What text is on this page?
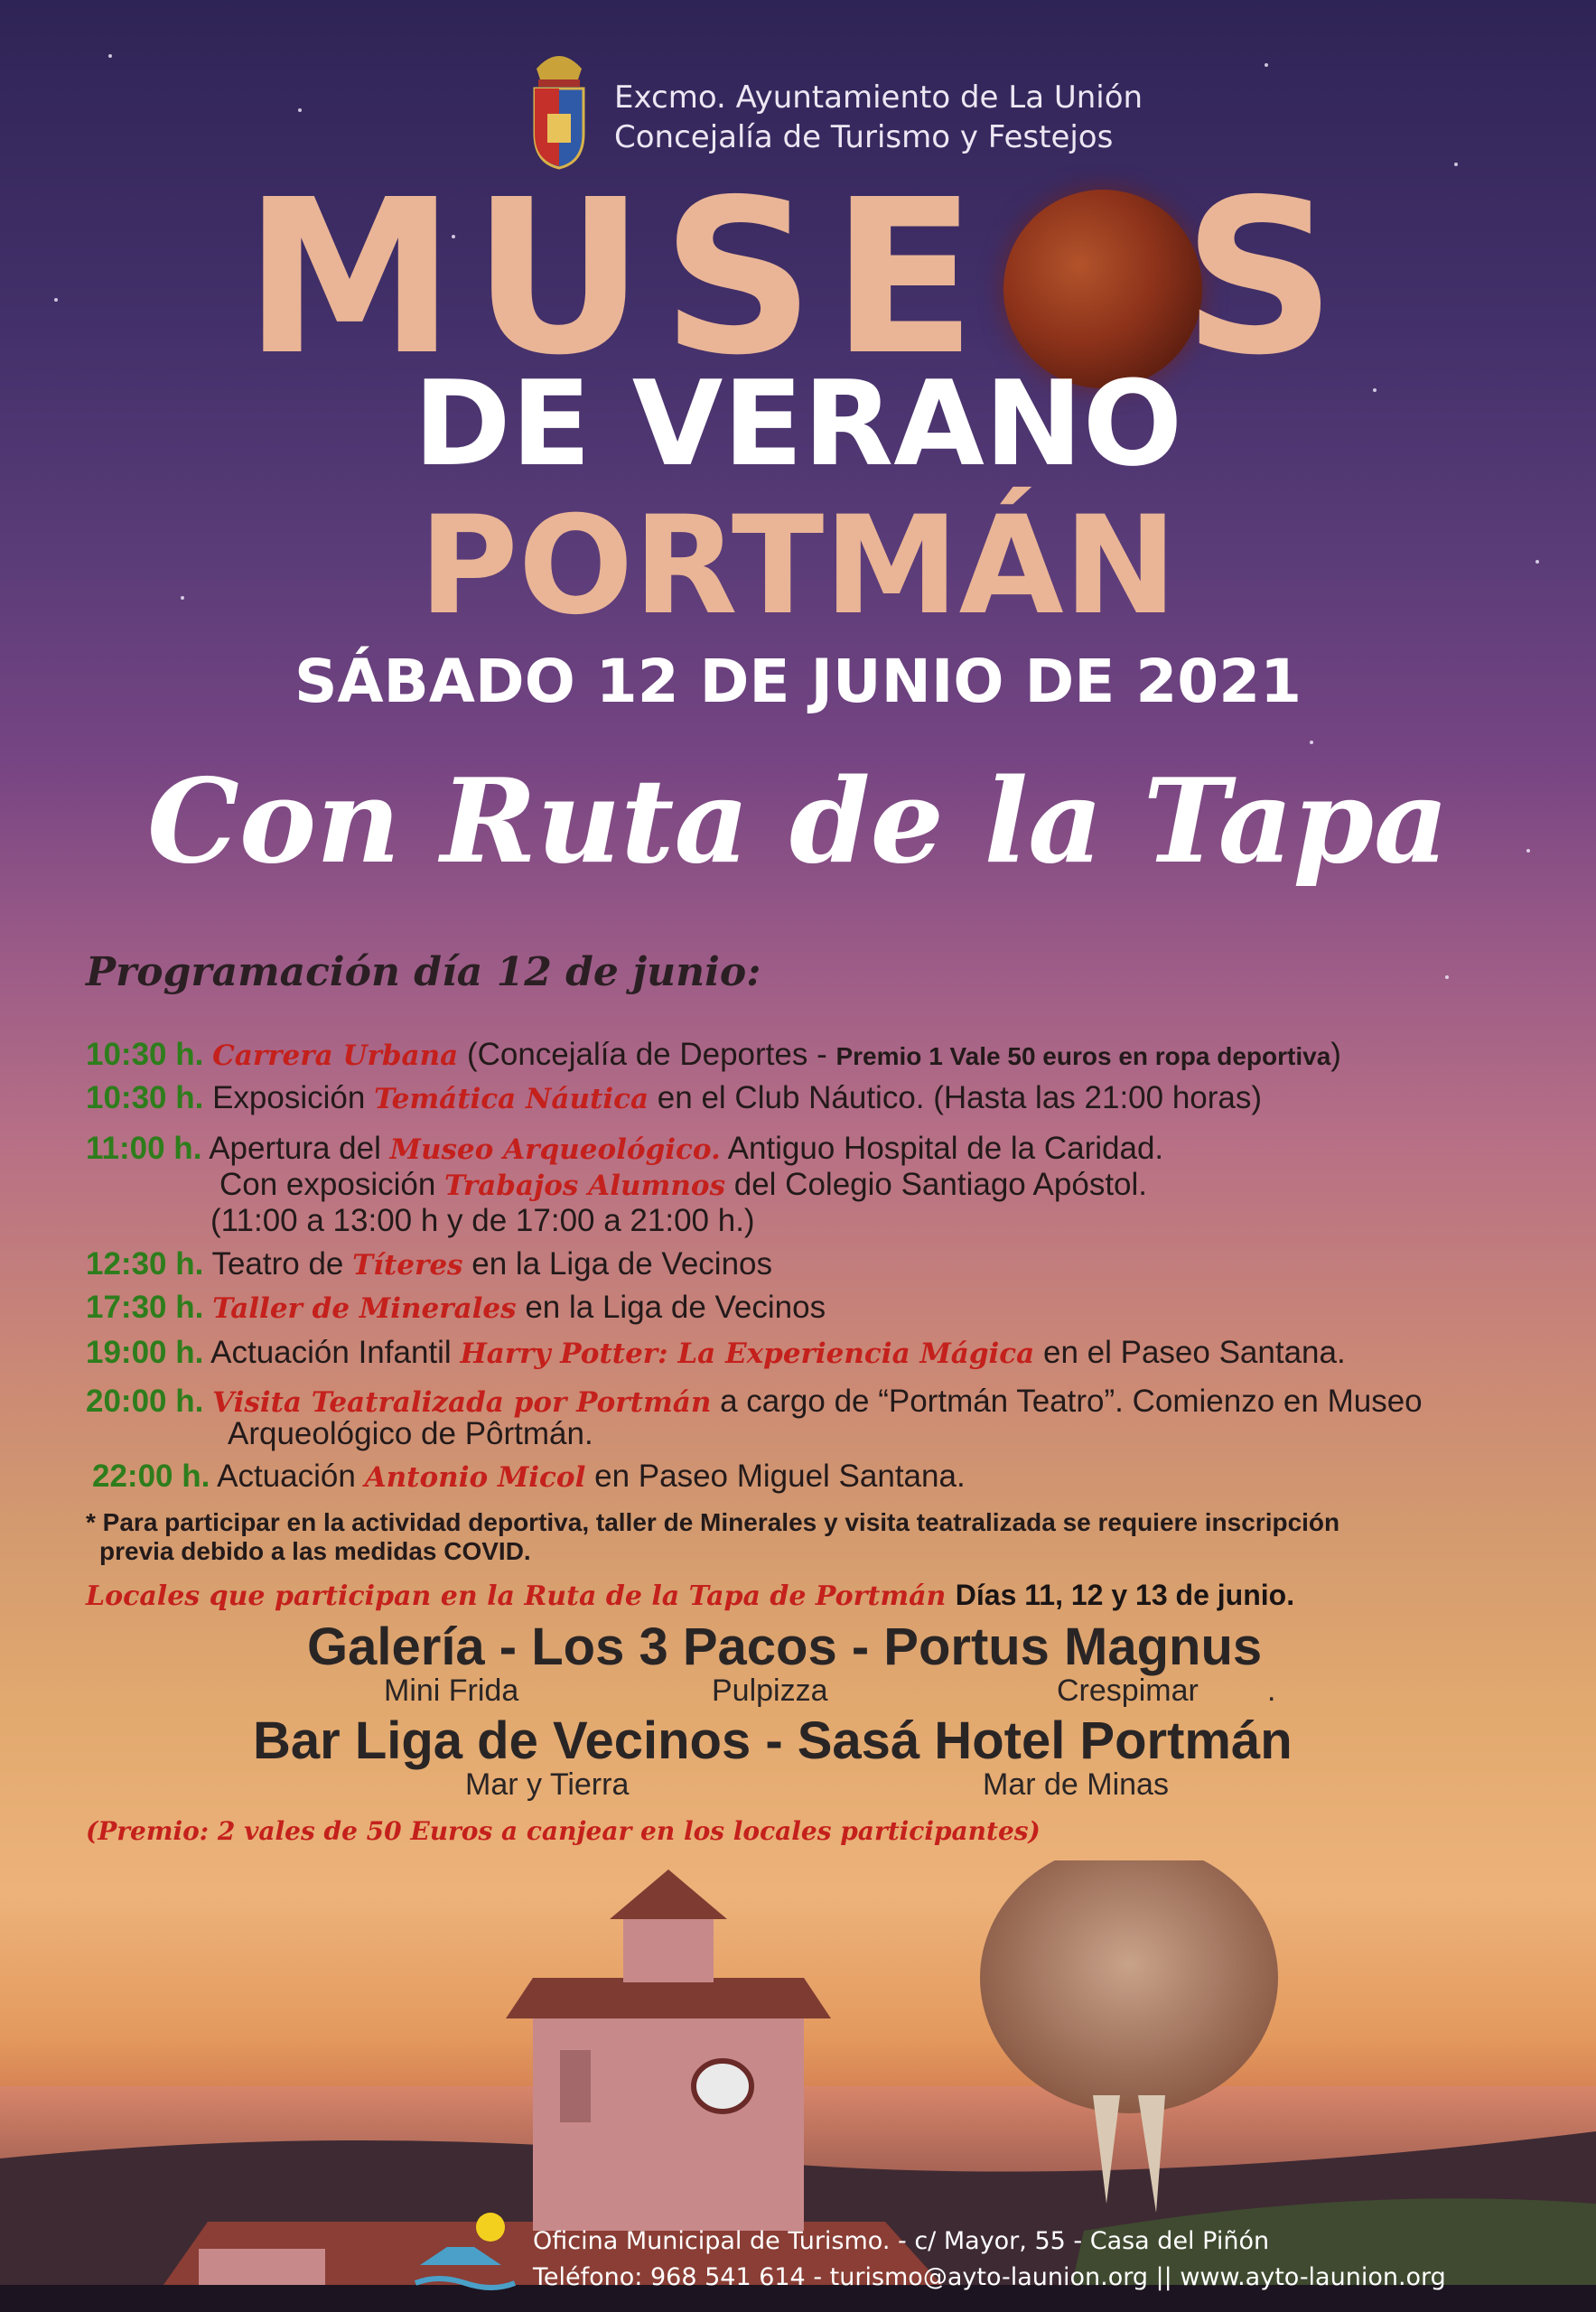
Excmo. Ayuntamiento de La Unión
Concejalía de Turismo y Festejos
MUSE S
DE VERANO
PORTMÁN
SÁBADO 12 DE JUNIO DE 2021
Con Ruta de la Tapa
Programación día 12 de junio:
10:30 h. Carrera Urbana (Concejalía de Deportes - Premio 1 Vale 50 euros en ropa deportiva)
10:30 h. Exposición Temática Náutica en el Club Náutico. (Hasta las 21:00 horas)
11:00 h. Apertura del Museo Arqueológico. Antiguo Hospital de la Caridad.
Con exposición Trabajos Alumnos del Colegio Santiago Apóstol.
(11:00 a 13:00 h y de 17:00 a 21:00 h.)
12:30 h. Teatro de Títeres en la Liga de Vecinos
17:30 h. Taller de Minerales en la Liga de Vecinos
19:00 h. Actuación Infantil Harry Potter: La Experiencia Mágica en el Paseo Santana.
20:00 h. Visita Teatralizada por Portmán a cargo de “Portmán Teatro”. Comienzo en Museo
Arqueológico de Pôrtmán.
22:00 h. Actuación Antonio Micol en Paseo Miguel Santana.
* Para participar en la actividad deportiva, taller de Minerales y visita teatralizada se requiere inscripción
previa debido a las medidas COVID.
Locales que participan en la Ruta de la Tapa de Portmán Días 11, 12 y 13 de junio.
Galería - Los 3 Pacos - Portus Magnus
Mini Frida	Pulpizza	Crespimar .
Bar Liga de Vecinos - Sasá Hotel Portmán
Mar y Tierra	Mar de Minas
(Premio: 2 vales de 50 Euros a canjear en los locales participantes)
Oficina Municipal de Turismo. - c/ Mayor, 55 - Casa del Piñón
Teléfono: 968 541 614 - turismo@ayto-launion.org || www.ayto-launion.org
